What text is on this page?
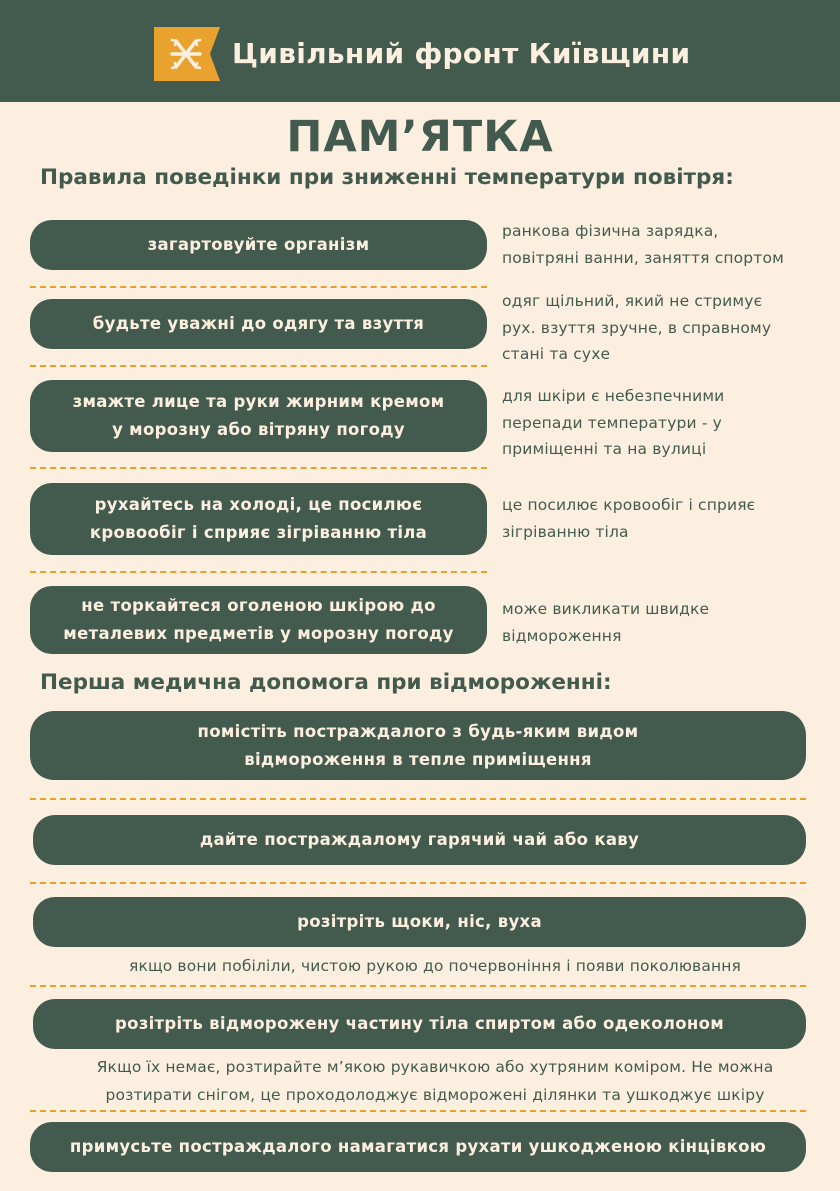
Цивільний фронт Київщини
ПАМ’ЯТКА
Правила поведінки при зниженні температури повітря:
загартовуйте організм
ранкова фізична зарядка,
повітряні ванни, заняття спортом
будьте уважні до одягу та взуття
одяг щільний, який не стримує
рух. взуття зручне, в справному
стані та сухе
змажте лице та руки жирним кремом
у морозну або вітряну погоду
для шкіри є небезпечними
перепади температури - у
приміщенні та на вулиці
рухайтесь на холоді, це посилює
кровообіг і сприяє зігріванню тіла
це посилює кровообіг і сприяє
зігріванню тіла
не торкайтеся оголеною шкірою до
металевих предметів у морозну погоду
може викликати швидке
відмороження
Перша медична допомога при відмороженні:
помістіть постраждалого з будь-яким видом
відмороження в тепле приміщення
дайте постраждалому гарячий чай або каву
розітріть щоки, ніс, вуха
якщо вони побіліли, чистою рукою до почервоніння і появи поколювання
розітріть відморожену частину тіла спиртом або одеколоном
Якщо їх немає, розтирайте м’якою рукавичкою або хутряним коміром. Не можна
розтирати снігом, це проходолоджує відморожені ділянки та ушкоджує шкіру
примусьте постраждалого намагатися рухати ушкодженою кінцівкою
